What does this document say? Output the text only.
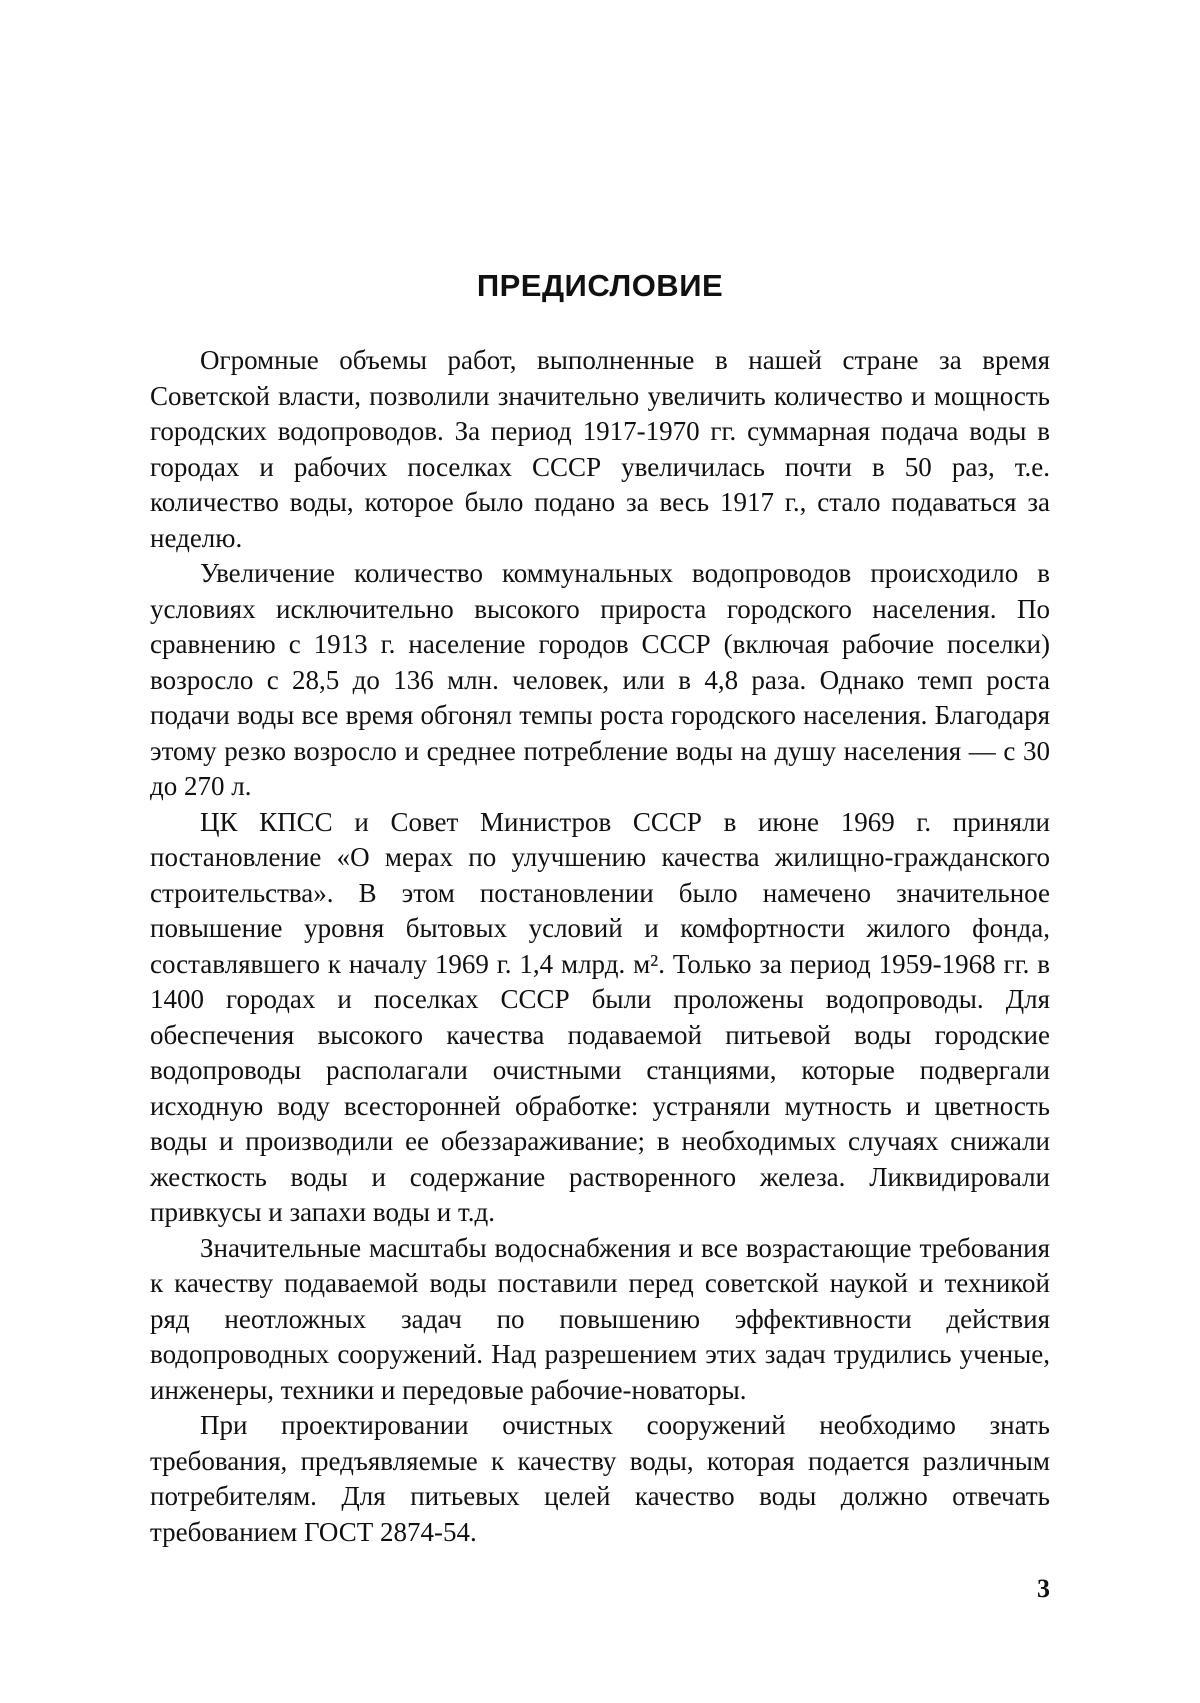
ПРЕДИСЛОВИЕ

Огромные объемы работ, выполненные в нашей стране за время Советской власти, позволили значительно увеличить количество и мощность городских водопроводов. За период 1917-1970 гг. суммарная подача воды в городах и рабочих поселках СССР увеличилась почти в 50 раз, т.е. количество воды, которое было подано за весь 1917 г., стало подаваться за неделю.

Увеличение количество коммунальных водопроводов происходило в условиях исключительно высокого прироста городского населения. По сравнению с 1913 г. население городов СССР (включая рабочие поселки) возросло с 28,5 до 136 млн. человек, или в 4,8 раза. Однако темп роста подачи воды все время обгонял темпы роста городского населения. Благодаря этому резко возросло и среднее потребление воды на душу населения — с 30 до 270 л.

ЦК КПСС и Совет Министров СССР в июне 1969 г. приняли постановление «О мерах по улучшению качества жилищно-гражданского строительства». В этом постановлении было намечено значительное повышение уровня бытовых условий и комфортности жилого фонда, составлявшего к началу 1969 г. 1,4 млрд. м². Только за период 1959-1968 гг. в 1400 городах и поселках СССР были проложены водопроводы. Для обеспечения высокого качества подаваемой питьевой воды городские водопроводы располагали очистными станциями, которые подвергали исходную воду всесторонней обработке: устраняли мутность и цветность воды и производили ее обеззараживание; в необходимых случаях снижали жесткость воды и содержание растворенного железа. Ликвидировали привкусы и запахи воды и т.д.

Значительные масштабы водоснабжения и все возрастающие требования к качеству подаваемой воды поставили перед советской наукой и техникой ряд неотложных задач по повышению эффективности действия водопроводных сооружений. Над разрешением этих задач трудились ученые, инженеры, техники и передовые рабочие-новаторы.

При проектировании очистных сооружений необходимо знать требования, предъявляемые к качеству воды, которая подается различным потребителям. Для питьевых целей качество воды должно отвечать требованием ГОСТ 2874-54.

3
